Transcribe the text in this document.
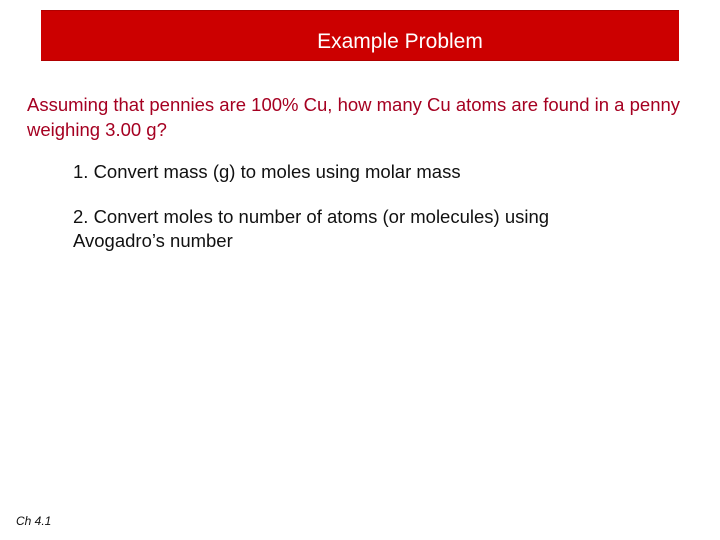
Example Problem
Assuming that pennies are 100% Cu, how many Cu atoms are found in a penny weighing 3.00 g?
1. Convert mass (g) to moles using molar mass
2. Convert moles to number of atoms (or molecules) using Avogadro’s number
Ch 4.1
